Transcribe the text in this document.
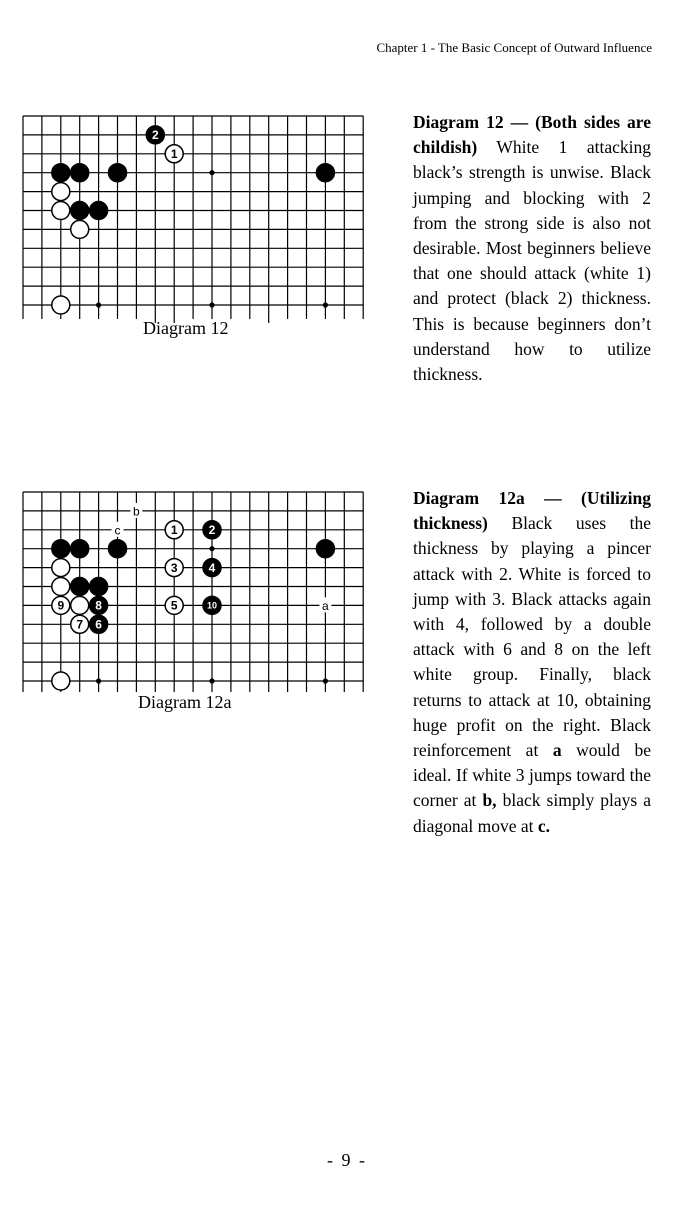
Chapter 1 - The Basic Concept of Outward Influence
2
1
Diagram 12
b
c
a
1	2
3	4
9	8	5	10
7 6
Diagram 12a
Diagram 12 — (Both sides are childish) White 1 attacking black’s strength is unwise. Black jumping and blocking with 2 from the strong side is also not desirable. Most beginners believe that one should attack (white 1) and protect (black 2) thickness. This is because beginners don’t understand how to utilize thickness.
Diagram 12a — (Utilizing thickness) Black uses the thickness by playing a pincer attack with 2. White is forced to jump with 3. Black attacks again with 4, followed by a double attack with 6 and 8 on the left white group. Finally, black returns to attack at 10, obtaining huge profit on the right. Black reinforcement at a would be ideal. If white 3 jumps toward the corner at b, black simply plays a diagonal move at c.
- 9 -
